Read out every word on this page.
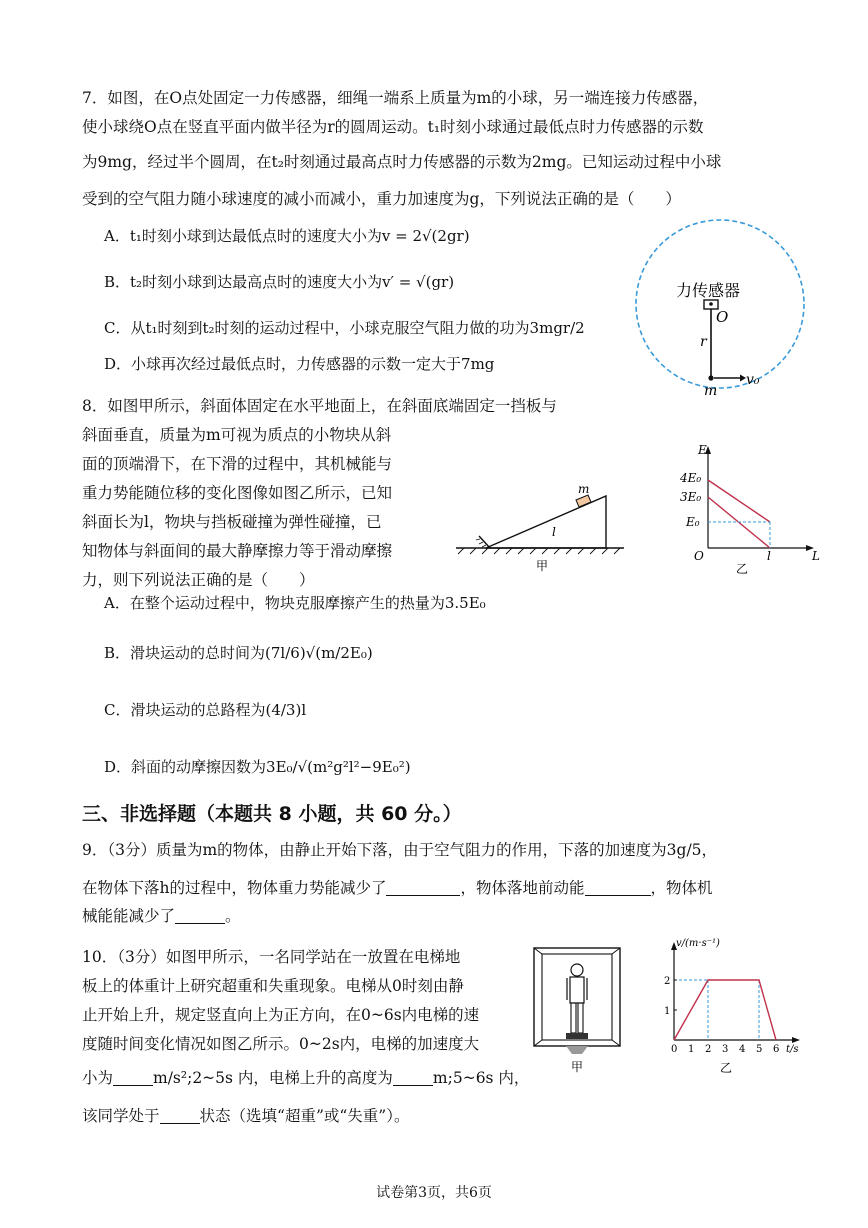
7．如图，在O点处固定一力传感器，细绳一端系上质量为m的小球，另一端连接力传感器，
使小球绕O点在竖直平面内做半径为r的圆周运动。t₁时刻小球通过最低点时力传感器的示数
为9mg，经过半个圆周，在t₂时刻通过最高点时力传感器的示数为2mg。已知运动过程中小球
受到的空气阻力随小球速度的减小而减小，重力加速度为g，下列说法正确的是（　　）
A．t₁时刻小球到达最低点时的速度大小为v = 2√(2gr)
B．t₂时刻小球到达最高点时的速度大小为v′ = √(gr)
C．从t₁时刻到t₂时刻的运动过程中，小球克服空气阻力做的功为3mgr/2
D．小球再次经过最低点时，力传感器的示数一定大于7mg
力传感器
O
r
v₀
m
8．如图甲所示，斜面体固定在水平地面上，在斜面底端固定一挡板与
斜面垂直，质量为m可视为质点的小物块从斜
面的顶端滑下，在下滑的过程中，其机械能与
重力势能随位移的变化图像如图乙所示，已知
斜面长为l，物块与挡板碰撞为弹性碰撞，已
知物体与斜面间的最大静摩擦力等于滑动摩擦
力，则下列说法正确的是（　　）
m
l
甲
E
4E₀
3E₀
E₀
O	l	L
乙
A．在整个运动过程中，物块克服摩擦产生的热量为3.5E₀
B．滑块运动的总时间为(7l/6)√(m/2E₀)
C．滑块运动的总路程为(4/3)l
D．斜面的动摩擦因数为3E₀/√(m²g²l²−9E₀²)
三、非选择题（本题共 8 小题，共 60 分。）
9．（3分）质量为m的物体，由静止开始下落，由于空气阻力的作用，下落的加速度为3g/5，
在物体下落h的过程中，物体重力势能减少了	，物体落地前动能	，物体机
械能能减少了	。
10．（3分）如图甲所示，一名同学站在一放置在电梯地
板上的体重计上研究超重和失重现象。电梯从0时刻由静
止开始上升，规定竖直向上为正方向，在0~6s内电梯的速
度随时间变化情况如图乙所示。0~2s内，电梯的加速度大
小为	m/s²;2~5s 内，电梯上升的高度为	m;5~6s 内，
该同学处于	状态（选填“超重”或“失重”）。
甲
v/(m·s⁻¹)
t/s
0 1 2 3 4 5 6
1
2
乙
试卷第3页，共6页
